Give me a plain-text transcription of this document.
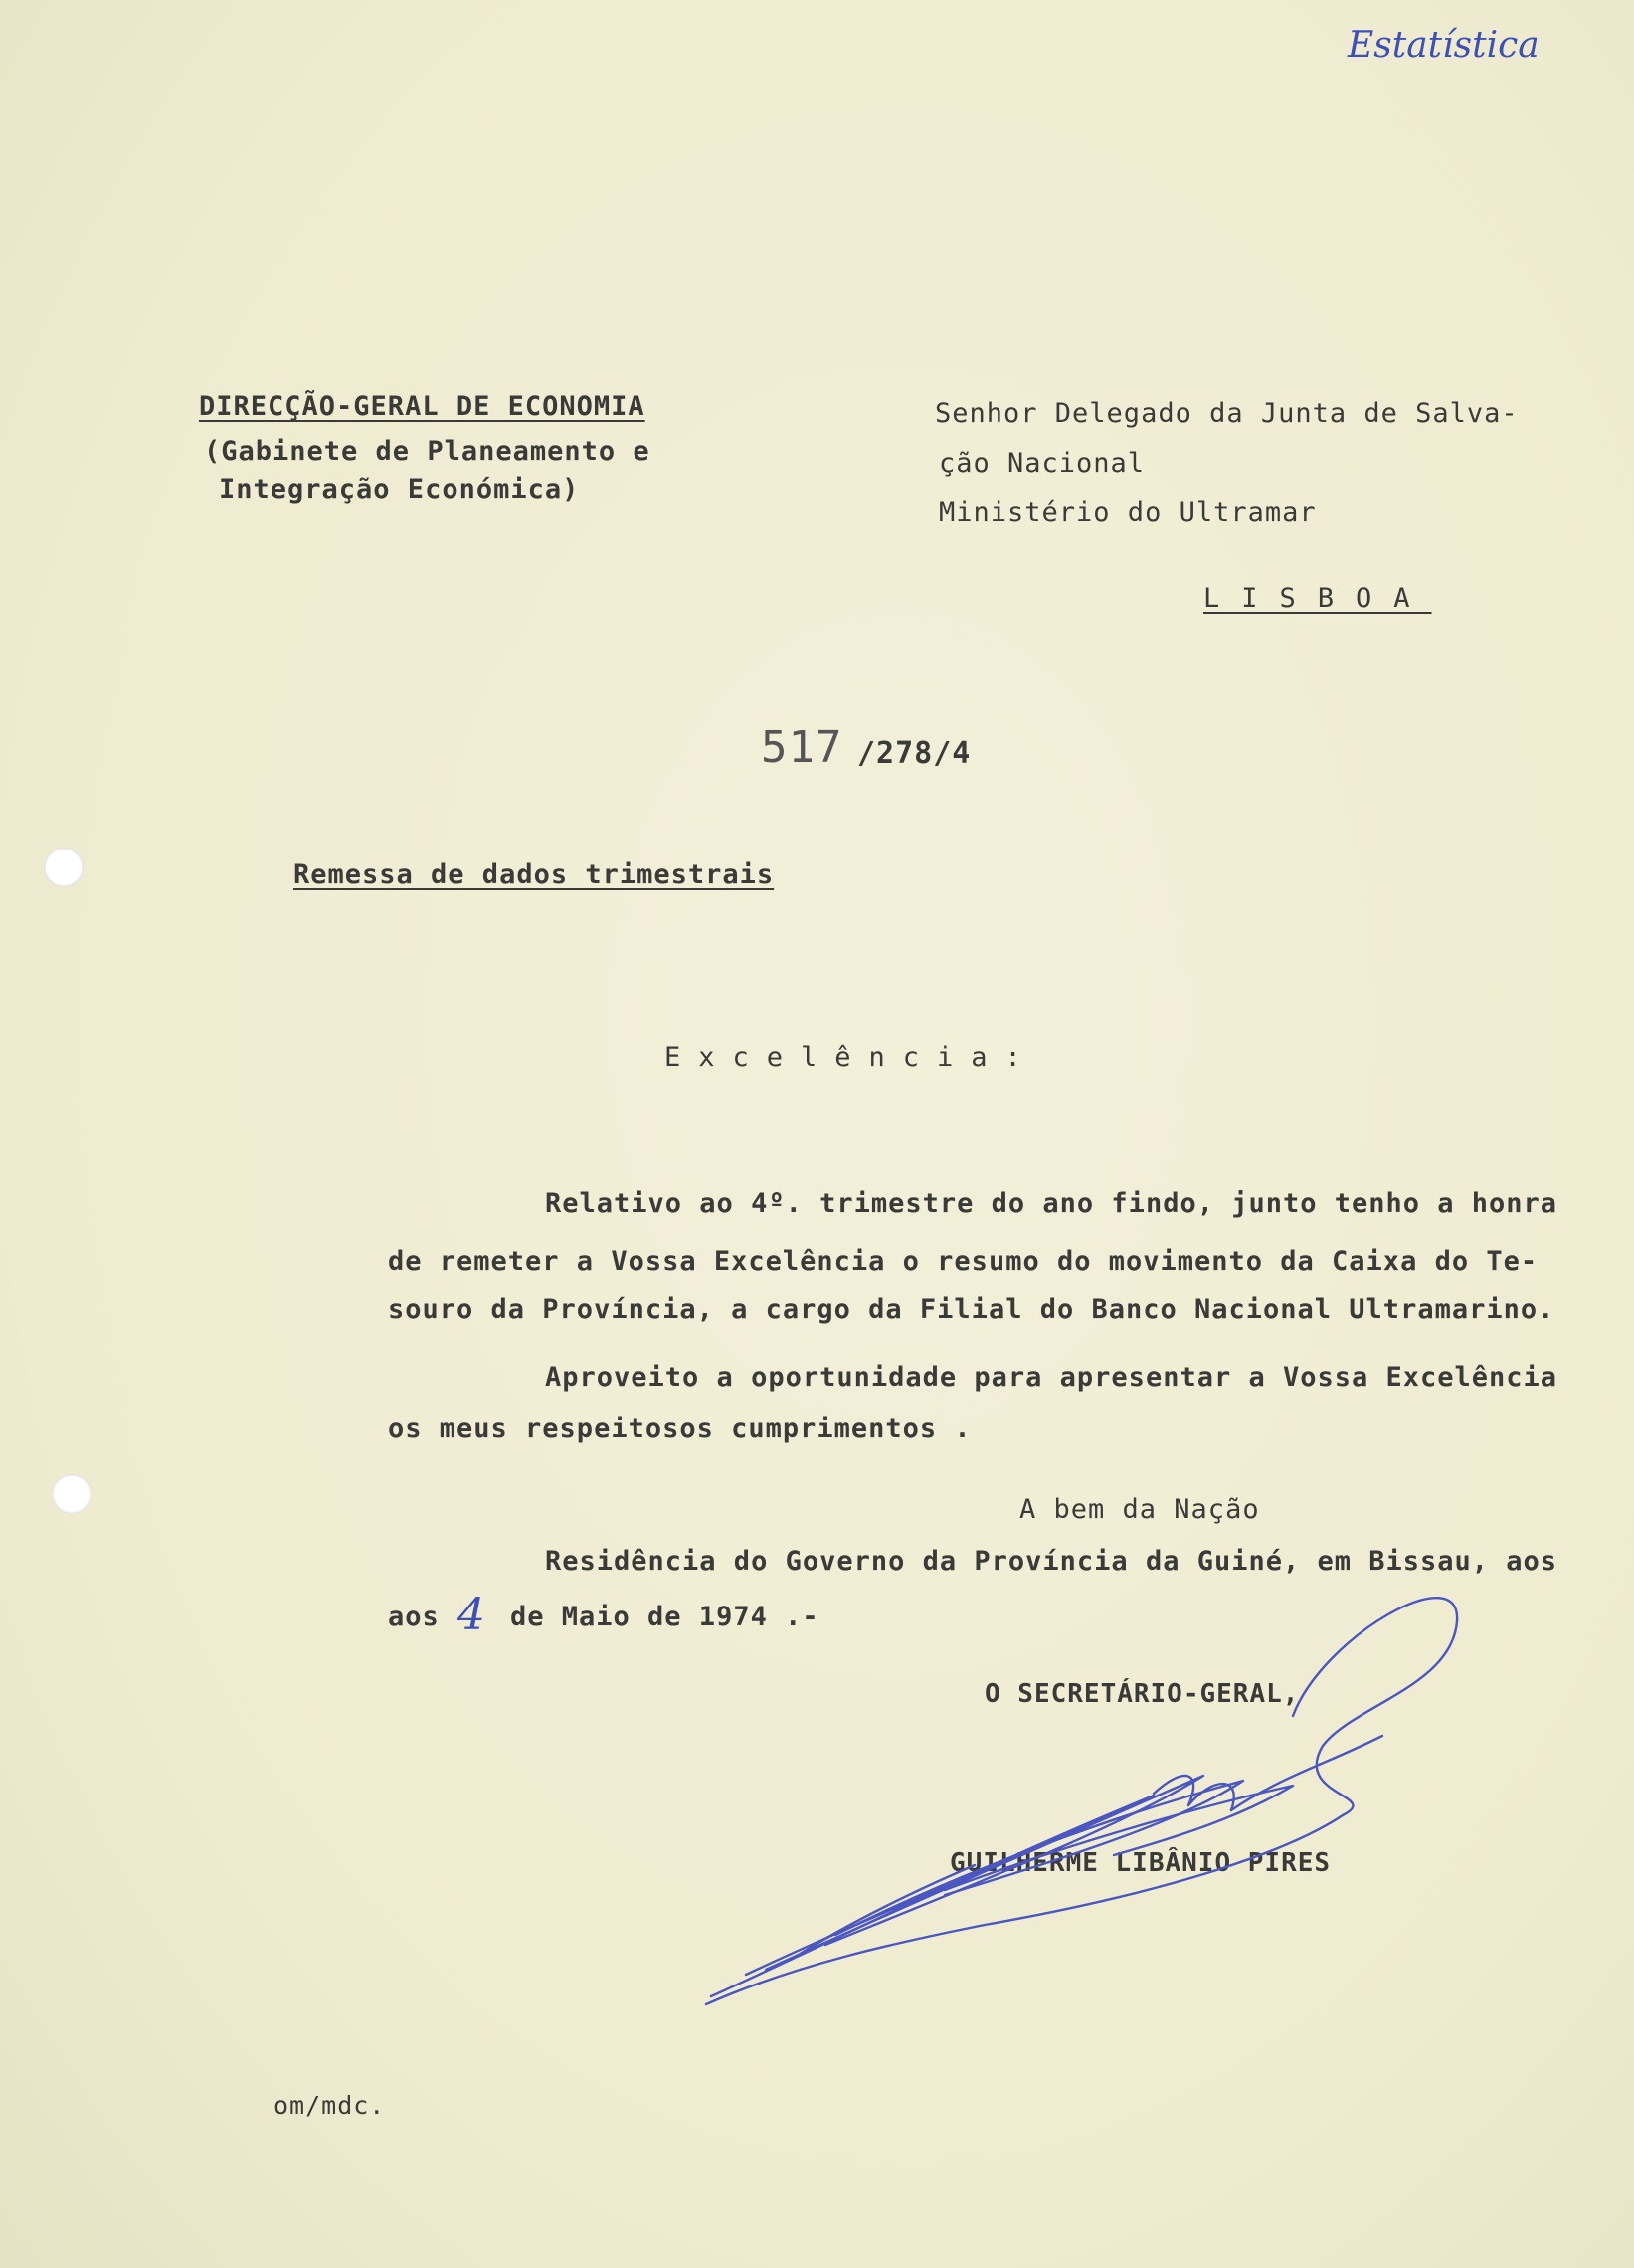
Estatística
DIRECÇÃO-GERAL DE ECONOMIA
(Gabinete de Planeamento e
Integração Económica)
Senhor Delegado da Junta de Salva-
ção Nacional
Ministério do Ultramar
LISBOA
517 /278/4
Remessa de dados trimestrais
Excelência:
Relativo ao 4º. trimestre do ano findo, junto tenho a honra
de remeter a Vossa Excelência o resumo do movimento da Caixa do Te-
souro da Província, a cargo da Filial do Banco Nacional Ultramarino.
Aproveito a oportunidade para apresentar a Vossa Excelência
os meus respeitosos cumprimentos .
A bem da Nação
Residência do Governo da Província da Guiné, em Bissau, aos
aos 4 de Maio de 1974 .-
O SECRETÁRIO-GERAL,
GUILHERME LIBÂNIO PIRES
om/mdc.
